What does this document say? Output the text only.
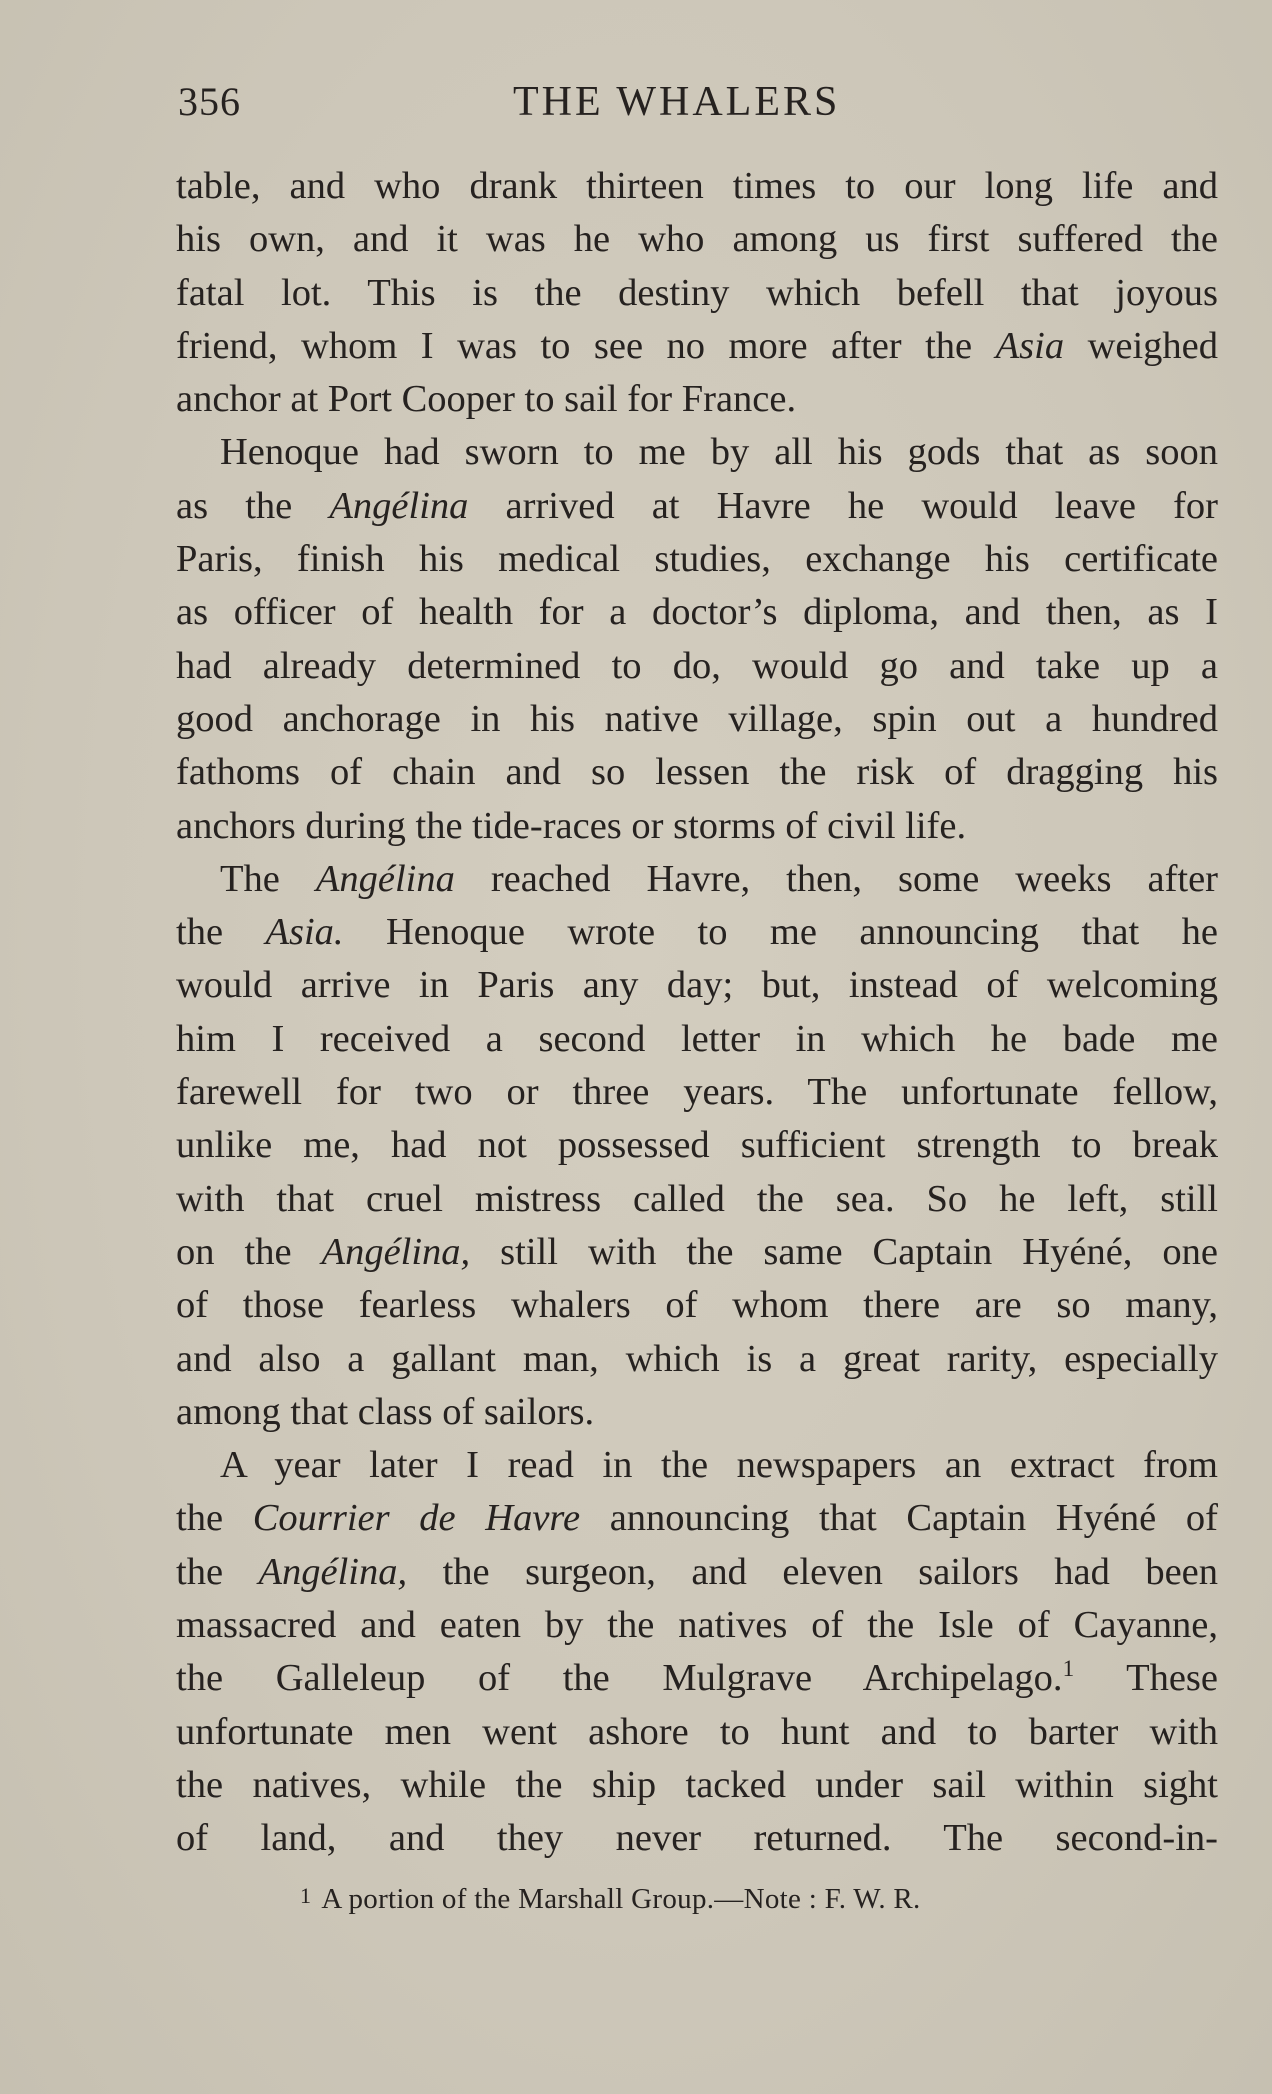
356	THE WHALERS
table, and who drank thirteen times to our long life and
his own, and it was he who among us first suffered the
fatal lot. This is the destiny which befell that joyous
friend, whom I was to see no more after the Asia weighed
anchor at Port Cooper to sail for France.
Henoque had sworn to me by all his gods that as soon
as the Angélina arrived at Havre he would leave for
Paris, finish his medical studies, exchange his certificate
as officer of health for a doctor’s diploma, and then, as I
had already determined to do, would go and take up a
good anchorage in his native village, spin out a hundred
fathoms of chain and so lessen the risk of dragging his
anchors during the tide-races or storms of civil life.
The Angélina reached Havre, then, some weeks after
the Asia. Henoque wrote to me announcing that he
would arrive in Paris any day; but, instead of welcoming
him I received a second letter in which he bade me
farewell for two or three years. The unfortunate fellow,
unlike me, had not possessed sufficient strength to break
with that cruel mistress called the sea. So he left, still
on the Angélina, still with the same Captain Hyéné, one
of those fearless whalers of whom there are so many,
and also a gallant man, which is a great rarity, especially
among that class of sailors.
A year later I read in the newspapers an extract from
the Courrier de Havre announcing that Captain Hyéné of
the Angélina, the surgeon, and eleven sailors had been
massacred and eaten by the natives of the Isle of Cayanne,
the Galleleup of the Mulgrave Archipelago.$^1$ These
unfortunate men went ashore to hunt and to barter with
the natives, while the ship tacked under sail within sight
of land, and they never returned. The second-in-
1 A portion of the Marshall Group.—Note : F. W. R.
